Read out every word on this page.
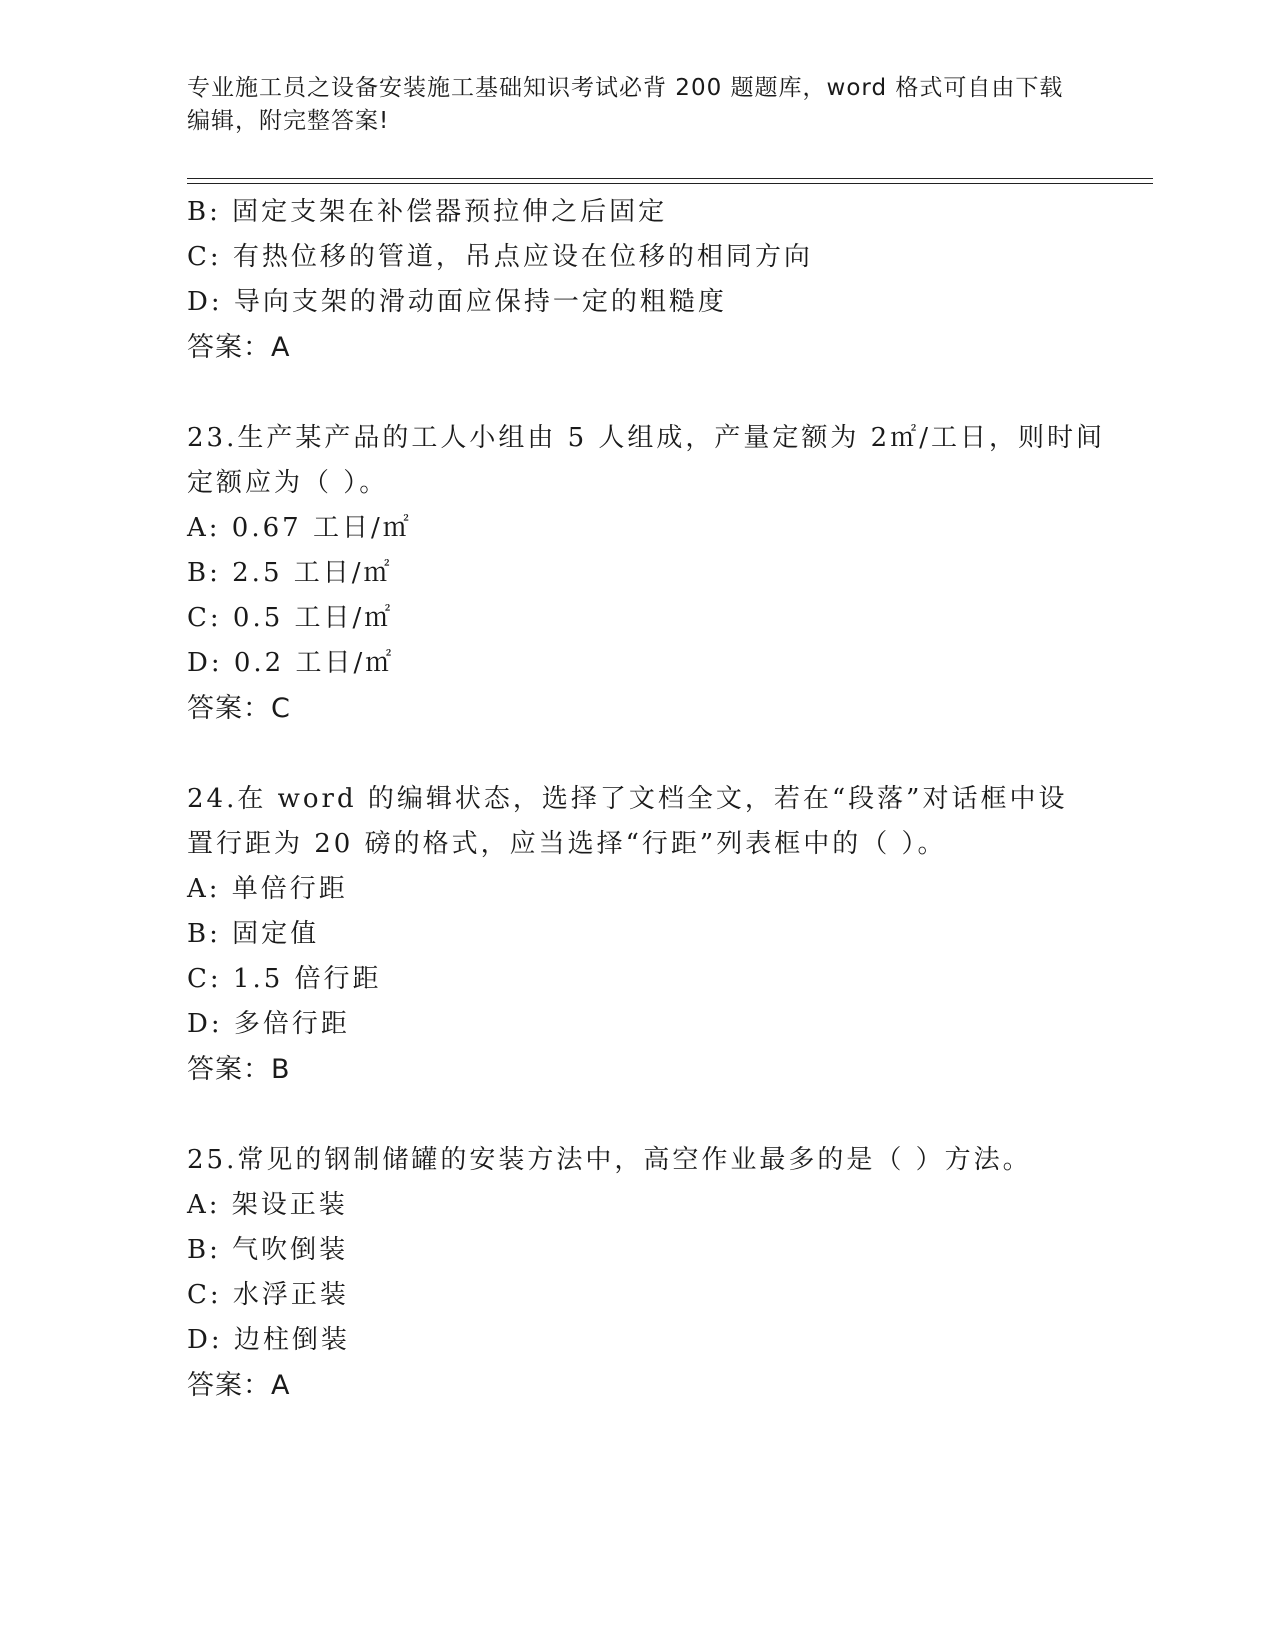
专业施工员之设备安装施工基础知识考试必背 200 题题库，word 格式可自由下载
编辑，附完整答案!
B: 固定支架在补偿器预拉伸之后固定
C: 有热位移的管道，吊点应设在位移的相同方向
D: 导向支架的滑动面应保持一定的粗糙度
答案：A
23.生产某产品的工人小组由 5 人组成，产量定额为 2㎡/工日，则时间
定额应为（ ）。
A: 0.67 工日/㎡
B: 2.5 工日/㎡
C: 0.5 工日/㎡
D: 0.2 工日/㎡
答案：C
24.在 word 的编辑状态，选择了文档全文，若在“段落”对话框中设
置行距为 20 磅的格式，应当选择“行距”列表框中的（ ）。
A: 单倍行距
B: 固定值
C: 1.5 倍行距
D: 多倍行距
答案：B
25.常见的钢制储罐的安装方法中，高空作业最多的是（ ）方法。
A: 架设正装
B: 气吹倒装
C: 水浮正装
D: 边柱倒装
答案：A
